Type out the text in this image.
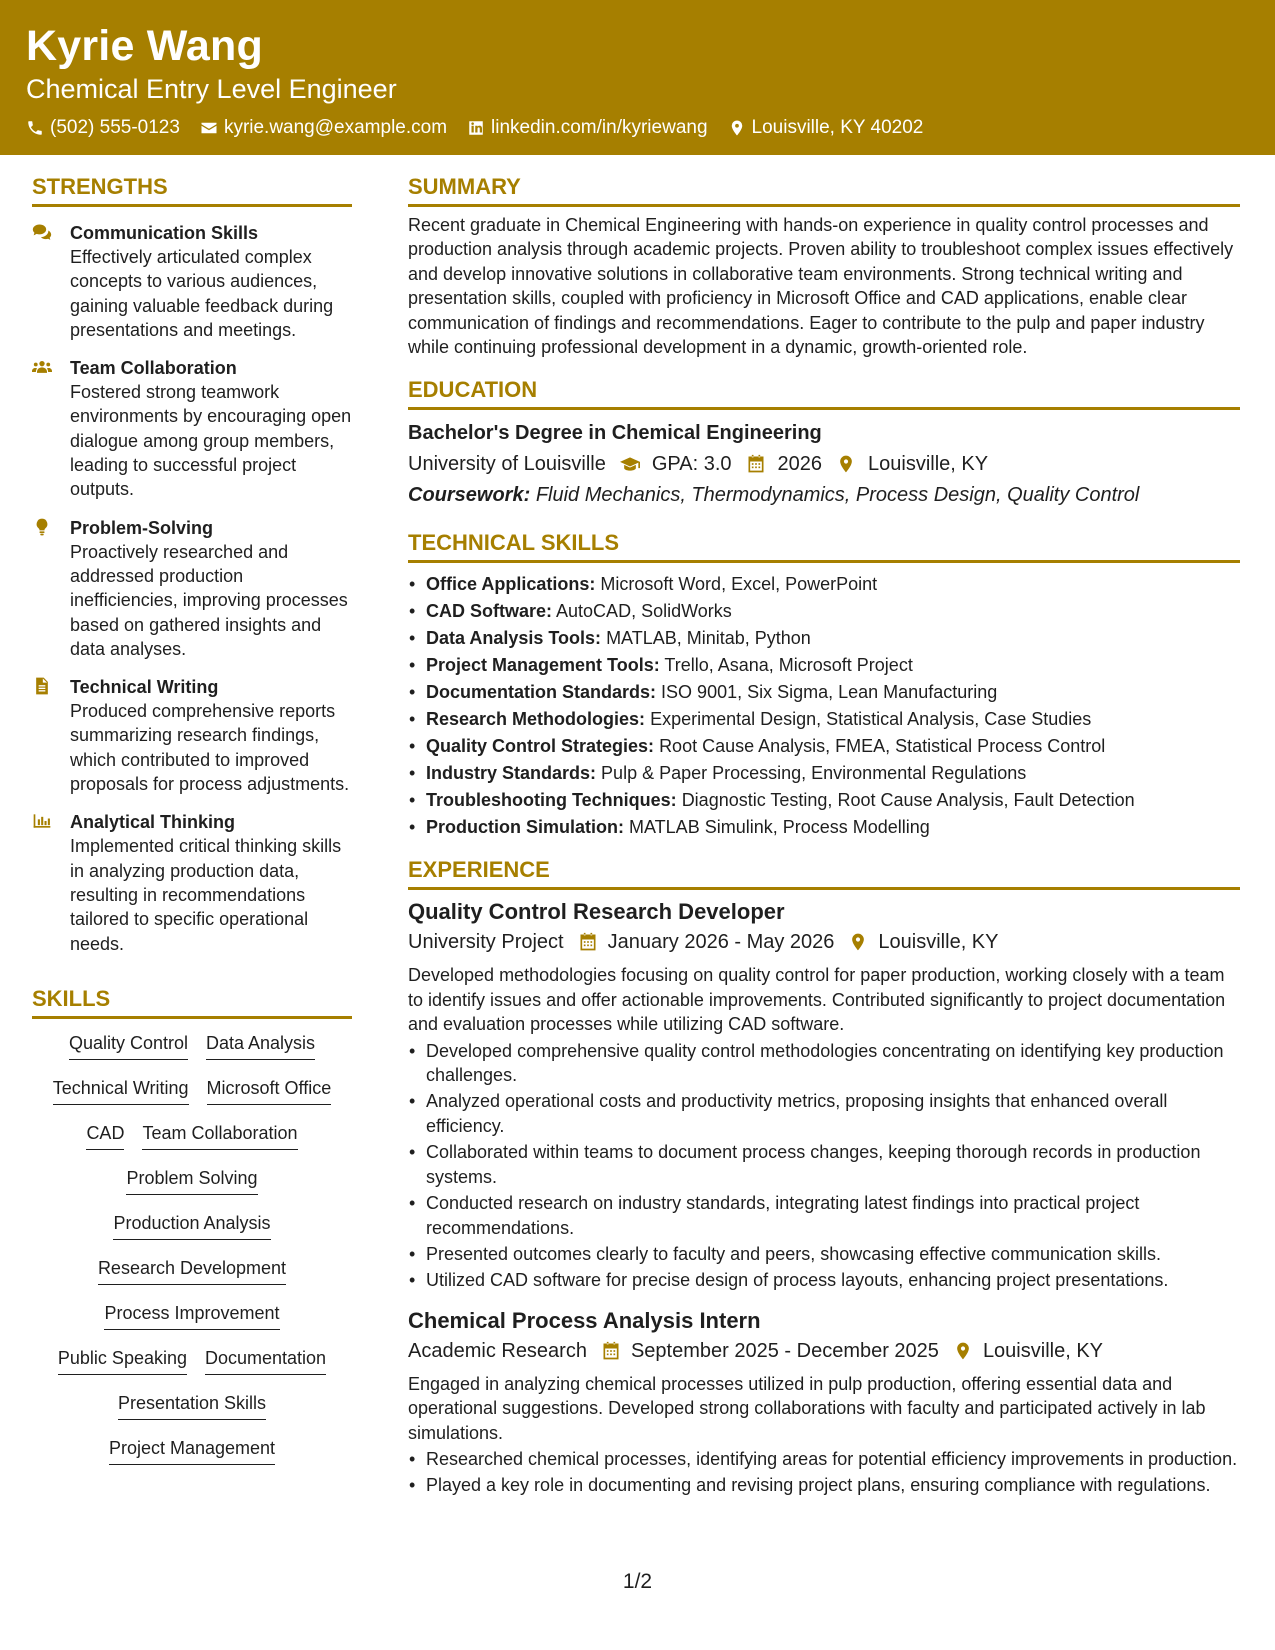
Kyrie Wang
Chemical Entry Level Engineer
(502) 555-0123 kyrie.wang@example.com linkedin.com/in/kyriewang Louisville, KY 40202
STRENGTHS
Communication Skills
Effectively articulated complex concepts to various audiences, gaining valuable feedback during presentations and meetings.
Team Collaboration
Fostered strong teamwork environments by encouraging open dialogue among group members, leading to successful project outputs.
Problem-Solving
Proactively researched and addressed production inefficiencies, improving processes based on gathered insights and data analyses.
Technical Writing
Produced comprehensive reports summarizing research findings, which contributed to improved proposals for process adjustments.
Analytical Thinking
Implemented critical thinking skills in analyzing production data, resulting in recommendations tailored to specific operational needs.
SKILLS
Quality Control Data Analysis
Technical Writing Microsoft Office
CAD Team Collaboration
Problem Solving
Production Analysis
Research Development
Process Improvement
Public Speaking Documentation
Presentation Skills
Project Management
SUMMARY
Recent graduate in Chemical Engineering with hands-on experience in quality control processes and production analysis through academic projects. Proven ability to troubleshoot complex issues effectively and develop innovative solutions in collaborative team environments. Strong technical writing and presentation skills, coupled with proficiency in Microsoft Office and CAD applications, enable clear communication of findings and recommendations. Eager to contribute to the pulp and paper industry while continuing professional development in a dynamic, growth-oriented role.
EDUCATION
Bachelor's Degree in Chemical Engineering
University of Louisville GPA: 3.0 2026 Louisville, KY
Coursework: Fluid Mechanics, Thermodynamics, Process Design, Quality Control
TECHNICAL SKILLS
• Office Applications: Microsoft Word, Excel, PowerPoint
• CAD Software: AutoCAD, SolidWorks
• Data Analysis Tools: MATLAB, Minitab, Python
• Project Management Tools: Trello, Asana, Microsoft Project
• Documentation Standards: ISO 9001, Six Sigma, Lean Manufacturing
• Research Methodologies: Experimental Design, Statistical Analysis, Case Studies
• Quality Control Strategies: Root Cause Analysis, FMEA, Statistical Process Control
• Industry Standards: Pulp & Paper Processing, Environmental Regulations
• Troubleshooting Techniques: Diagnostic Testing, Root Cause Analysis, Fault Detection
• Production Simulation: MATLAB Simulink, Process Modelling
EXPERIENCE
Quality Control Research Developer
University Project January 2026 - May 2026 Louisville, KY
Developed methodologies focusing on quality control for paper production, working closely with a team to identify issues and offer actionable improvements. Contributed significantly to project documentation and evaluation processes while utilizing CAD software.
• Developed comprehensive quality control methodologies concentrating on identifying key production challenges.
• Analyzed operational costs and productivity metrics, proposing insights that enhanced overall efficiency.
• Collaborated within teams to document process changes, keeping thorough records in production systems.
• Conducted research on industry standards, integrating latest findings into practical project recommendations.
• Presented outcomes clearly to faculty and peers, showcasing effective communication skills.
• Utilized CAD software for precise design of process layouts, enhancing project presentations.
Chemical Process Analysis Intern
Academic Research September 2025 - December 2025 Louisville, KY
Engaged in analyzing chemical processes utilized in pulp production, offering essential data and operational suggestions. Developed strong collaborations with faculty and participated actively in lab simulations.
• Researched chemical processes, identifying areas for potential efficiency improvements in production.
• Played a key role in documenting and revising project plans, ensuring compliance with regulations.
1/2
